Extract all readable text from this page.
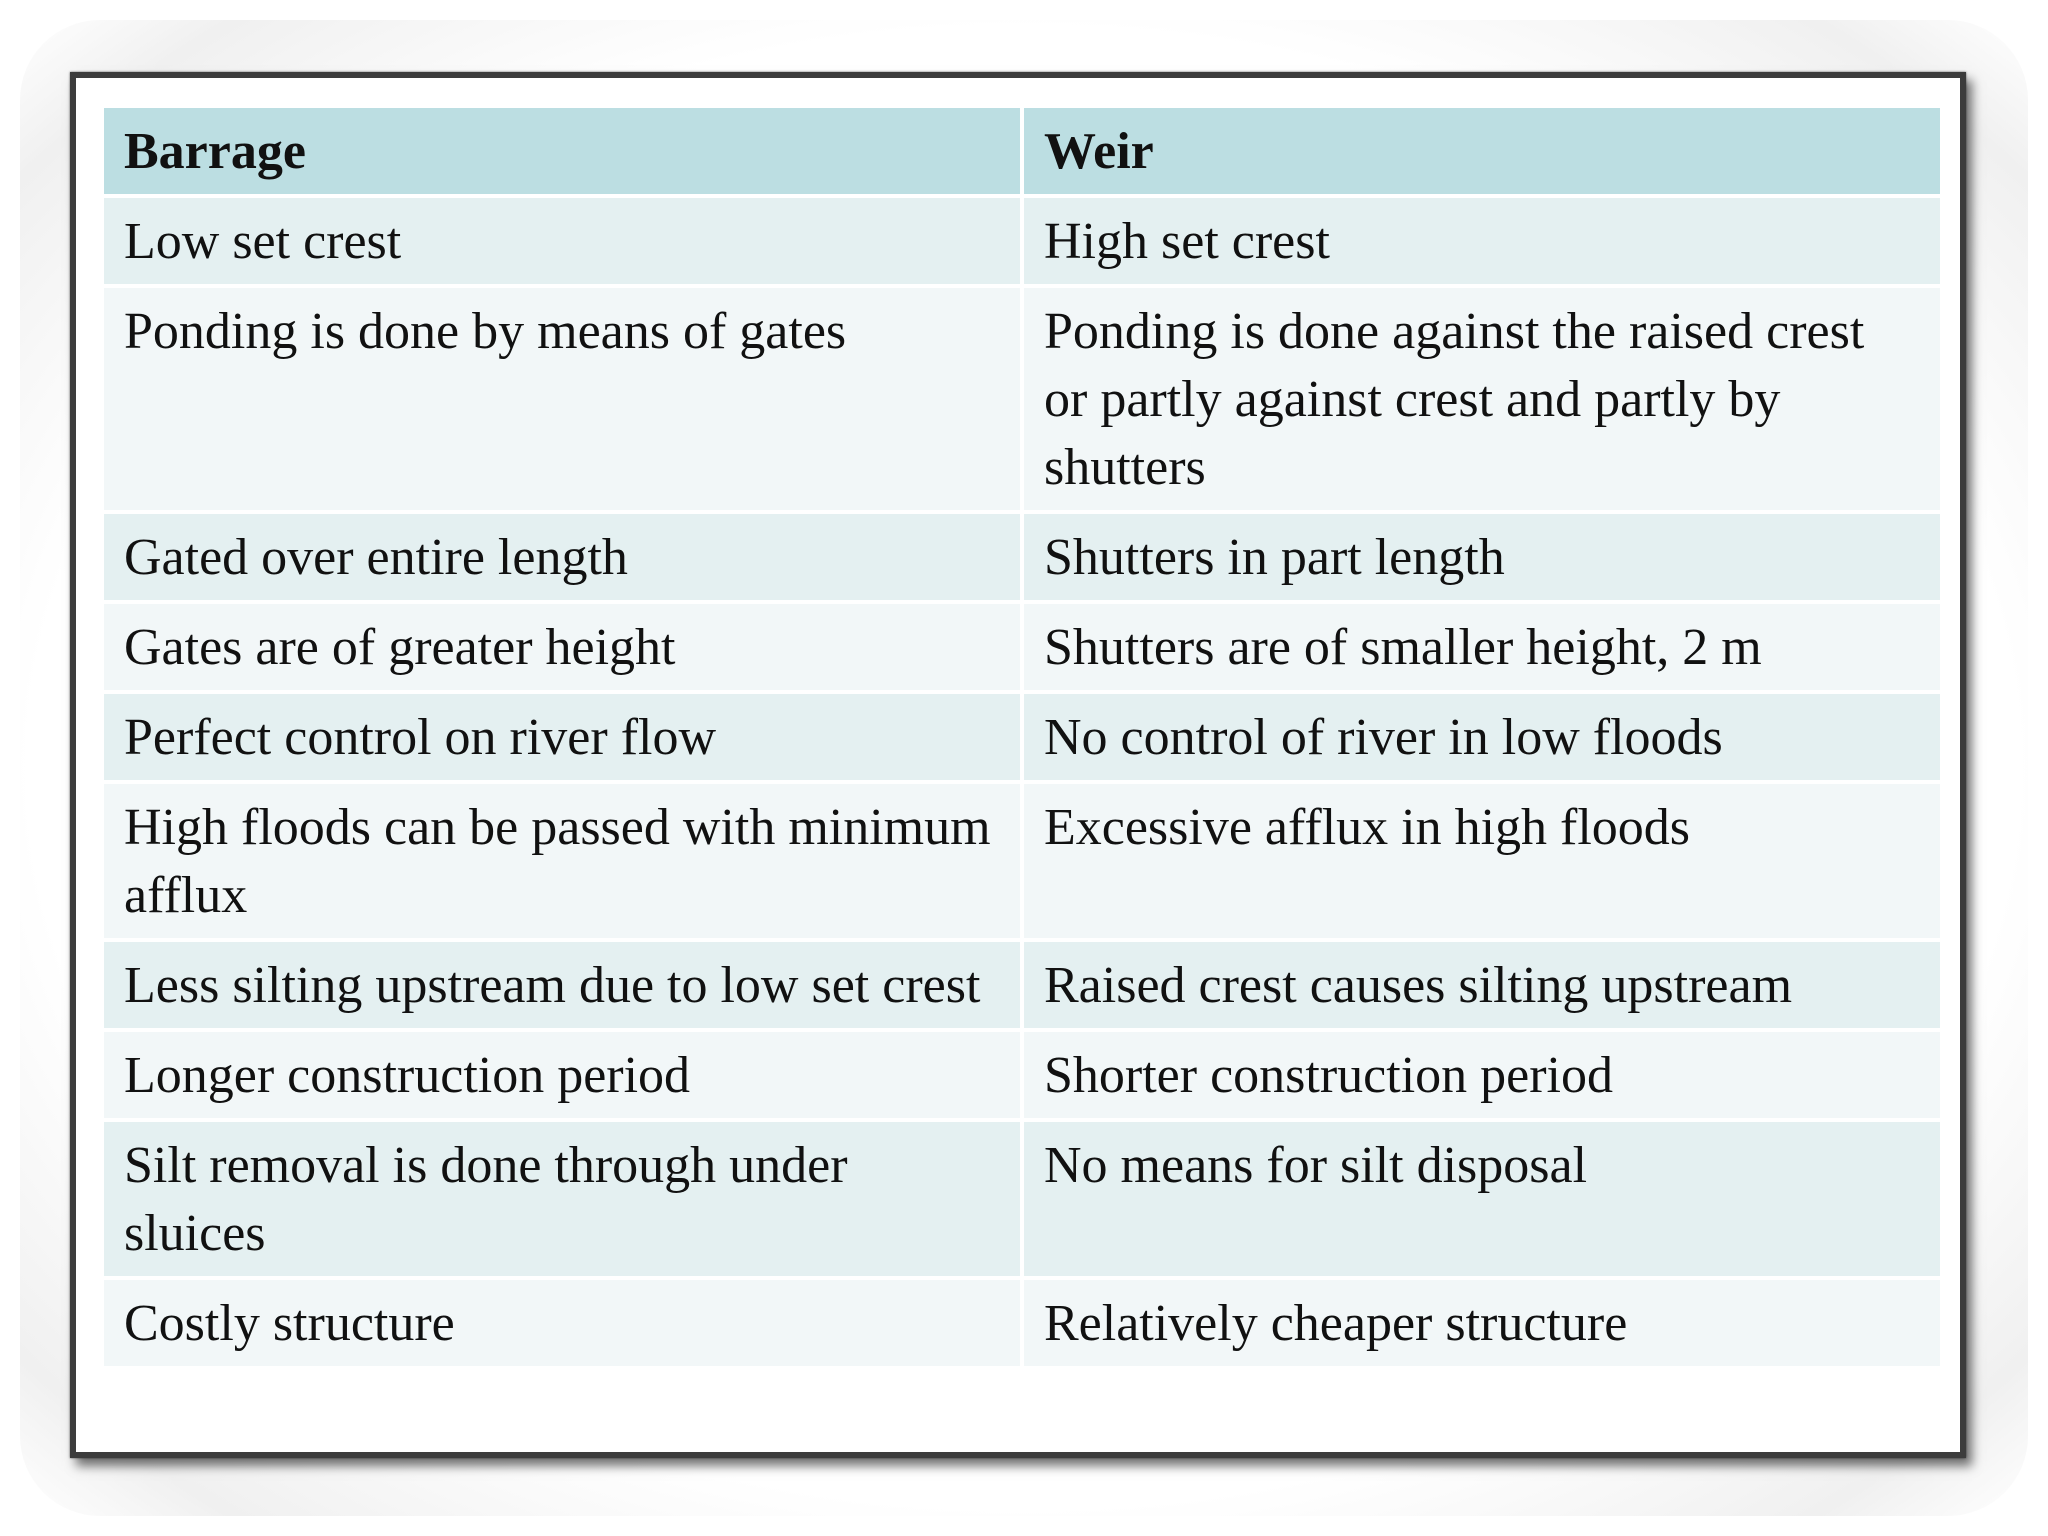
Barrage	Weir
Low set crest	High set crest
Ponding is done by means of gates	Ponding is done against the raised crest or partly against crest and partly by shutters
Gated over entire length	Shutters in part length
Gates are of greater height	Shutters are of smaller height, 2 m
Perfect control on river flow	No control of river in low floods
High floods can be passed with minimum afflux	Excessive afflux in high floods
Less silting upstream due to low set crest	Raised crest causes silting upstream
Longer construction period	Shorter construction period
Silt removal is done through under sluices	No means for silt disposal
Costly structure	Relatively cheaper structure
